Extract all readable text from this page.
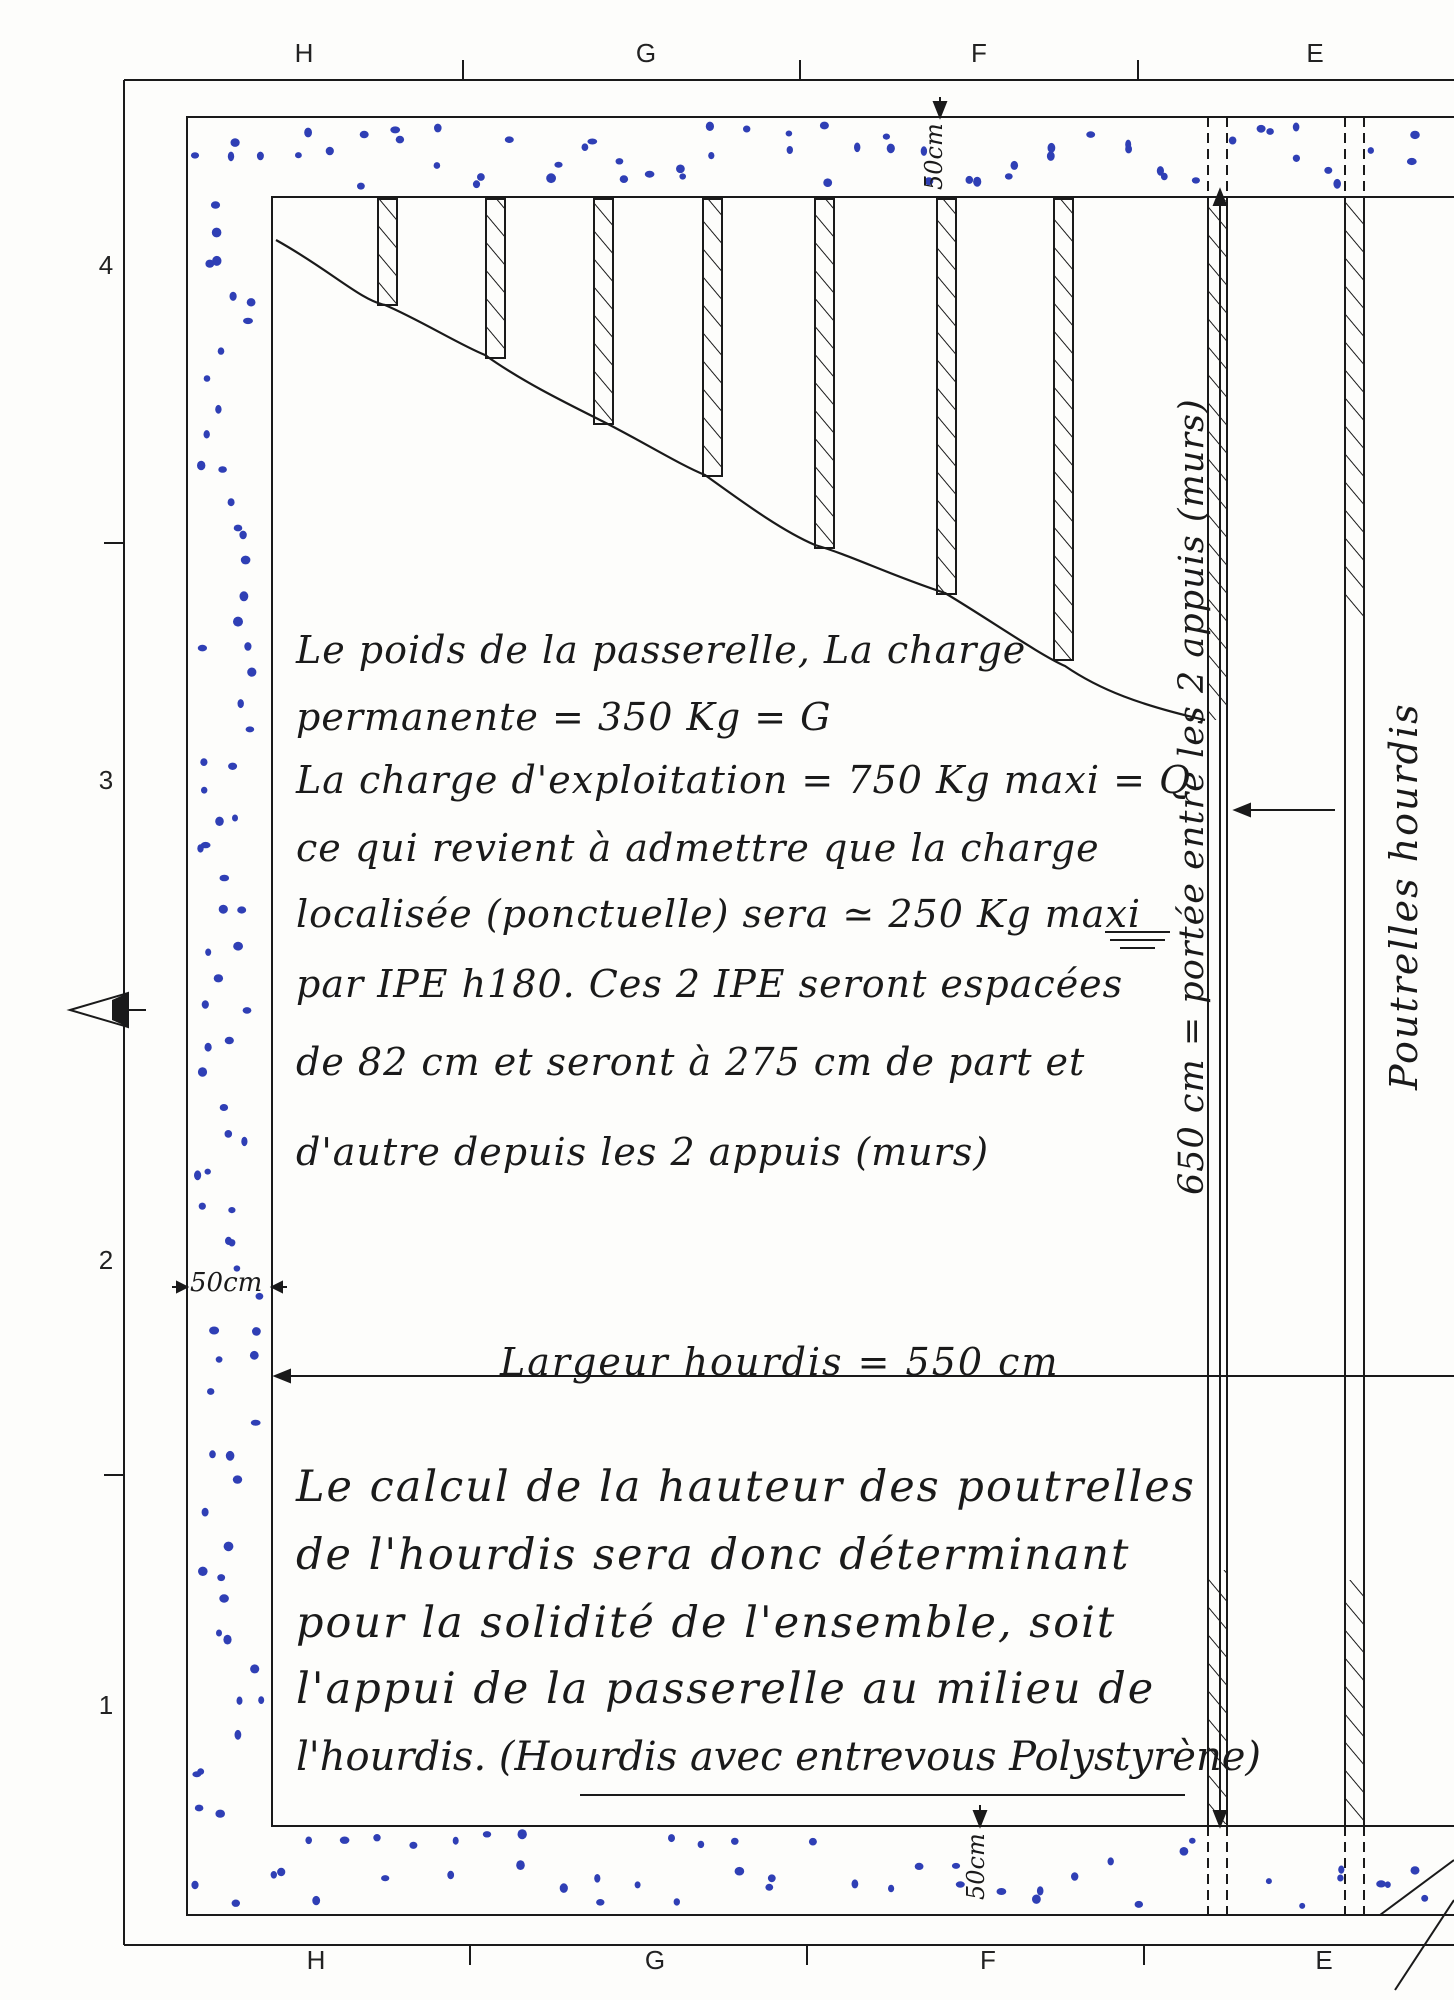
H	G	F	E
H	G	F	E
4
3
2
1
50cm
50cm
50cm
Largeur hourdis = 550 cm
650 cm = portée entre les 2 appuis (murs)	Poutrelles hourdis
Le poids de la passerelle, La charge
permanente = 350 Kg = G
La charge d'exploitation = 750 Kg maxi = Q
ce qui revient à admettre que la charge
localisée (ponctuelle) sera ≃ 250 Kg maxi
par IPE h180. Ces 2 IPE seront espacées
de 82 cm et seront à 275 cm de part et
d'autre depuis les 2 appuis (murs)
Le calcul de la hauteur des poutrelles
de l'hourdis sera donc déterminant
pour la solidité de l'ensemble, soit
l'appui de la passerelle au milieu de
l'hourdis. (Hourdis avec entrevous Polystyrène)
